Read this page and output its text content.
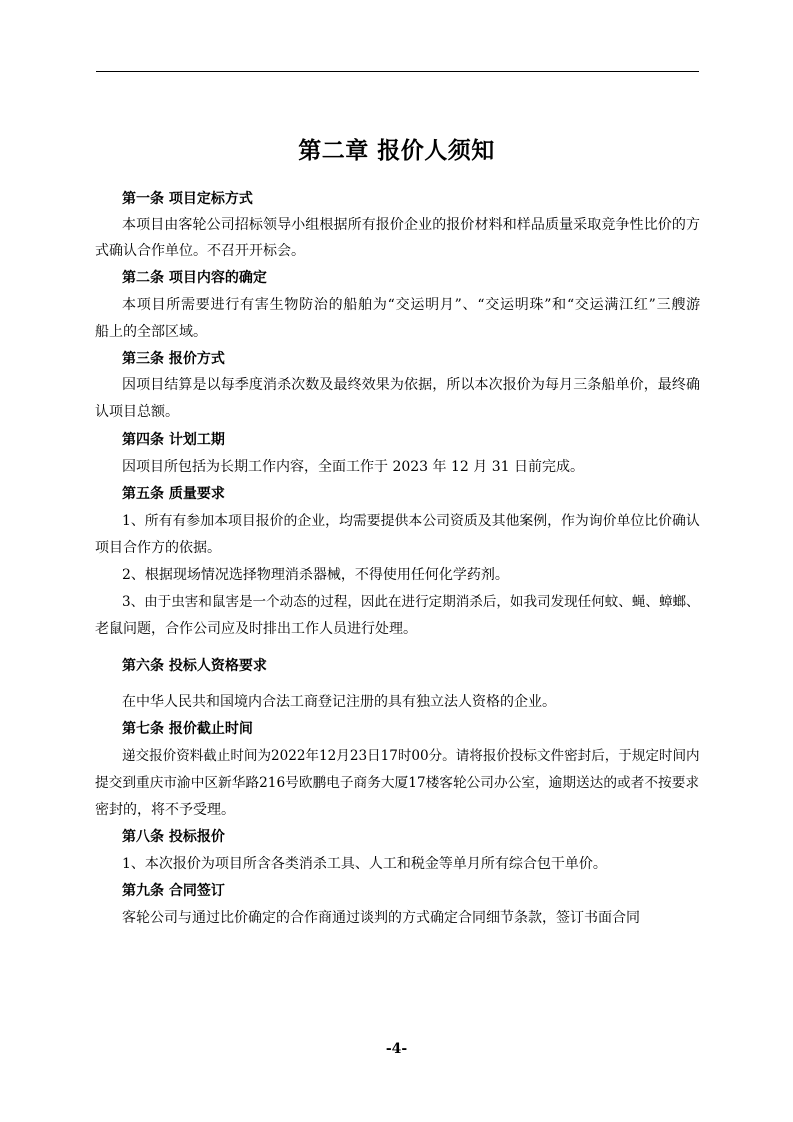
第二章 报价人须知
第一条 项目定标方式
本项目由客轮公司招标领导小组根据所有报价企业的报价材料和样品质量采取竞争性比价的方
式确认合作单位。不召开开标会。
第二条 项目内容的确定
本项目所需要进行有害生物防治的船舶为“交运明月”、“交运明珠”和“交运满江红”三艘游
船上的全部区域。
第三条 报价方式
因项目结算是以每季度消杀次数及最终效果为依据，所以本次报价为每月三条船单价，最终确
认项目总额。
第四条 计划工期
因项目所包括为长期工作内容，全面工作于 2023 年 12 月 31 日前完成。
第五条 质量要求
1、所有有参加本项目报价的企业，均需要提供本公司资质及其他案例，作为询价单位比价确认
项目合作方的依据。
2、根据现场情况选择物理消杀器械，不得使用任何化学药剂。
3、由于虫害和鼠害是一个动态的过程，因此在进行定期消杀后，如我司发现任何蚊、蝇、蟑螂、
老鼠问题，合作公司应及时排出工作人员进行处理。
第六条 投标人资格要求
在中华人民共和国境内合法工商登记注册的具有独立法人资格的企业。
第七条 报价截止时间
递交报价资料截止时间为2022年12月23日17时00分。请将报价投标文件密封后，于规定时间内
提交到重庆市渝中区新华路216号欧鹏电子商务大厦17楼客轮公司办公室，逾期送达的或者不按要求
密封的，将不予受理。
第八条 投标报价
1、本次报价为项目所含各类消杀工具、人工和税金等单月所有综合包干单价。
第九条 合同签订
客轮公司与通过比价确定的合作商通过谈判的方式确定合同细节条款，签订书面合同
-4-
